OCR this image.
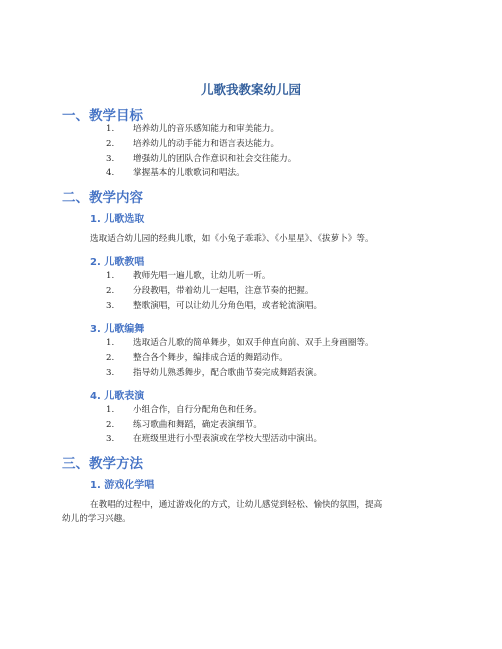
儿歌我教案幼儿园
一、教学目标
1. 培养幼儿的音乐感知能力和审美能力。
2. 培养幼儿的动手能力和语言表达能力。
3. 增强幼儿的团队合作意识和社会交往能力。
4. 掌握基本的儿歌歌词和唱法。
二、教学内容
1. 儿歌选取
选取适合幼儿园的经典儿歌，如《小兔子乖乖》、《小星星》、《拔萝卜》等。
2. 儿歌教唱
1. 教师先唱一遍儿歌，让幼儿听一听。
2. 分段教唱，带着幼儿一起唱，注意节奏的把握。
3. 整歌演唱，可以让幼儿分角色唱，或者轮流演唱。
3. 儿歌编舞
1. 选取适合儿歌的简单舞步，如双手伸直向前、双手上身画圈等。
2. 整合各个舞步，编排成合适的舞蹈动作。
3. 指导幼儿熟悉舞步，配合歌曲节奏完成舞蹈表演。
4. 儿歌表演
1. 小组合作，自行分配角色和任务。
2. 练习歌曲和舞蹈，确定表演细节。
3. 在班级里进行小型表演或在学校大型活动中演出。
三、教学方法
1. 游戏化学唱
在教唱的过程中，通过游戏化的方式，让幼儿感觉到轻松、愉快的氛围，提高
幼儿的学习兴趣。
